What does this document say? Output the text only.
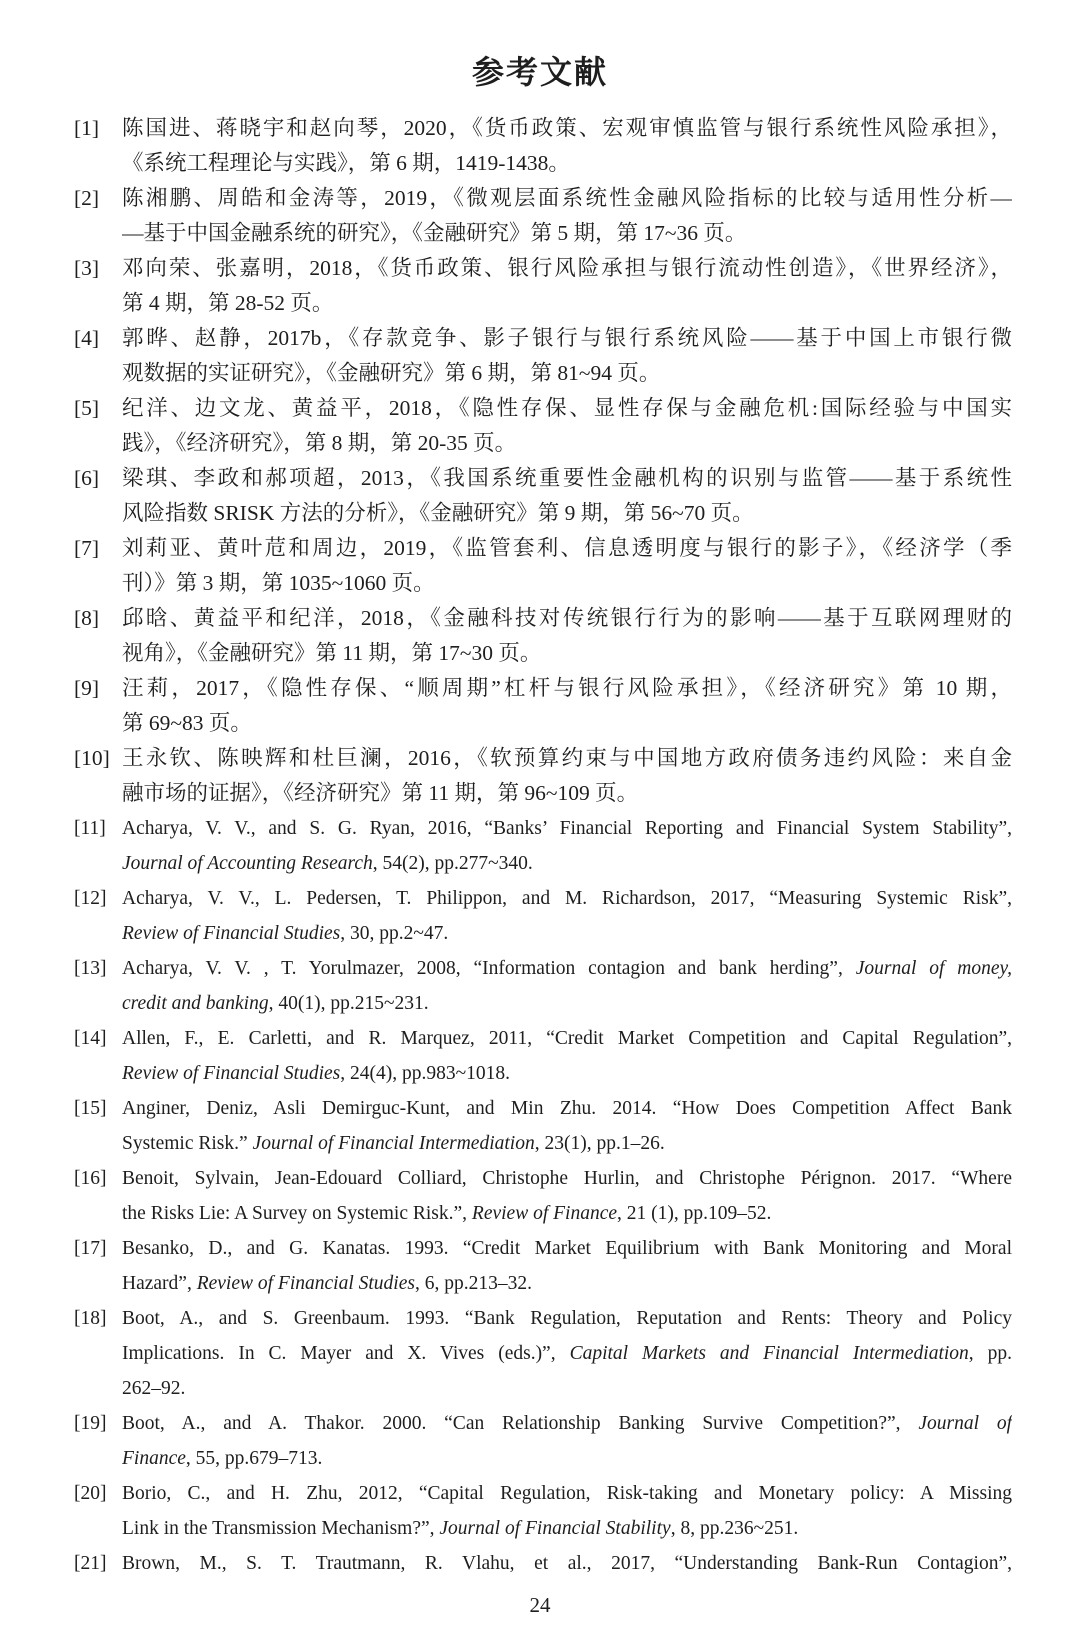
参考文献
[1] 陈国进、蒋晓宇和赵向琴，2020，《货币政策、宏观审慎监管与银行系统性风险承担》，
《系统工程理论与实践》，第 6 期，1419-1438。
[2] 陈湘鹏、周皓和金涛等，2019，《微观层面系统性金融风险指标的比较与适用性分析—
—基于中国金融系统的研究》，《金融研究》第 5 期，第 17~36 页。
[3] 邓向荣、张嘉明，2018，《货币政策、银行风险承担与银行流动性创造》，《世界经济》，
第 4 期，第 28-52 页。
[4] 郭晔、赵静，2017b，《存款竞争、影子银行与银行系统风险——基于中国上市银行微
观数据的实证研究》，《金融研究》第 6 期，第 81~94 页。
[5] 纪洋、边文龙、黄益平，2018，《隐性存保、显性存保与金融危机:国际经验与中国实
践》，《经济研究》，第 8 期，第 20-35 页。
[6] 梁琪、李政和郝项超，2013，《我国系统重要性金融机构的识别与监管——基于系统性
风险指数 SRISK 方法的分析》，《金融研究》第 9 期，第 56~70 页。
[7] 刘莉亚、黄叶苊和周边，2019，《监管套利、信息透明度与银行的影子》，《经济学（季
刊）》第 3 期，第 1035~1060 页。
[8] 邱晗、黄益平和纪洋，2018，《金融科技对传统银行行为的影响——基于互联网理财的
视角》，《金融研究》第 11 期，第 17~30 页。
[9] 汪莉，2017，《隐性存保、“顺周期”杠杆与银行风险承担》，《经济研究》第 10 期，
第 69~83 页。
[10] 王永钦、陈映辉和杜巨澜，2016，《软预算约束与中国地方政府债务违约风险：来自金
融市场的证据》，《经济研究》第 11 期，第 96~109 页。
[11] Acharya, V. V., and S. G. Ryan, 2016, “Banks’ Financial Reporting and Financial System Stability”,
Journal of Accounting Research, 54(2), pp.277~340.
[12] Acharya, V. V., L. Pedersen, T. Philippon, and M. Richardson, 2017, “Measuring Systemic Risk”,
Review of Financial Studies, 30, pp.2~47.
[13] Acharya, V. V. , T. Yorulmazer, 2008, “Information contagion and bank herding”, Journal of money,
credit and banking, 40(1), pp.215~231.
[14] Allen, F., E. Carletti, and R. Marquez, 2011, “Credit Market Competition and Capital Regulation”,
Review of Financial Studies, 24(4), pp.983~1018.
[15] Anginer, Deniz, Asli Demirguc-Kunt, and Min Zhu. 2014. “How Does Competition Affect Bank
Systemic Risk.” Journal of Financial Intermediation, 23(1), pp.1–26.
[16] Benoit, Sylvain, Jean-Edouard Colliard, Christophe Hurlin, and Christophe Pérignon. 2017. “Where
the Risks Lie: A Survey on Systemic Risk.”, Review of Finance, 21 (1), pp.109–52.
[17] Besanko, D., and G. Kanatas. 1993. “Credit Market Equilibrium with Bank Monitoring and Moral
Hazard”, Review of Financial Studies, 6, pp.213–32.
[18] Boot, A., and S. Greenbaum. 1993. “Bank Regulation, Reputation and Rents: Theory and Policy
Implications. In C. Mayer and X. Vives (eds.)”, Capital Markets and Financial Intermediation, pp.
262–92.
[19] Boot, A., and A. Thakor. 2000. “Can Relationship Banking Survive Competition?”, Journal of
Finance, 55, pp.679–713.
[20] Borio, C., and H. Zhu, 2012, “Capital Regulation, Risk-taking and Monetary policy: A Missing
Link in the Transmission Mechanism?”, Journal of Financial Stability, 8, pp.236~251.
[21] Brown, M., S. T. Trautmann, R. Vlahu, et al., 2017, “Understanding Bank-Run Contagion”,
24
